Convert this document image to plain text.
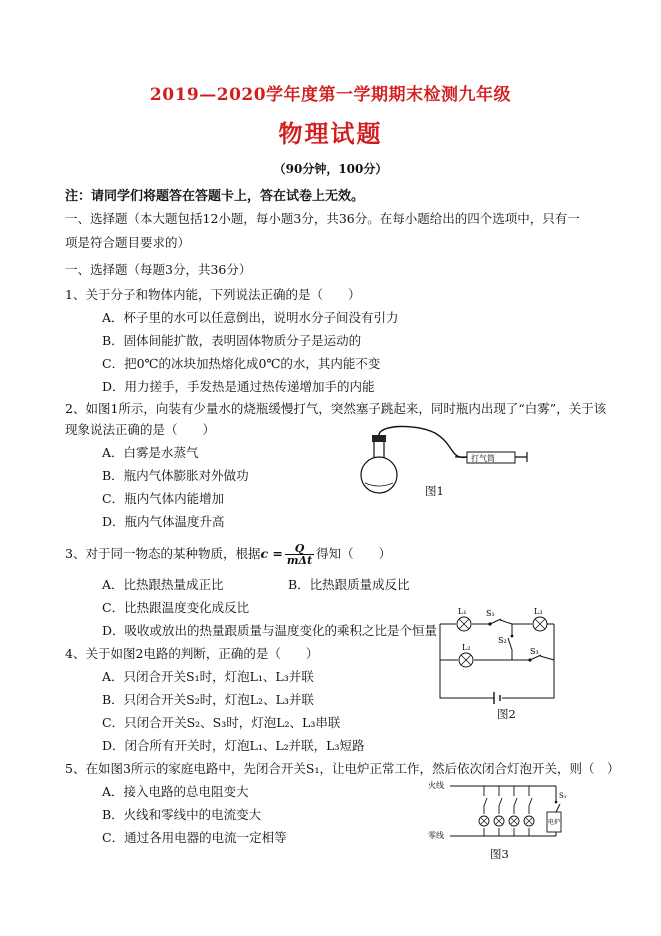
2019—2020学年度第一学期期末检测九年级
物理试题
（90分钟，100分）
注：请同学们将题答在答题卡上，答在试卷上无效。
一、选择题（本大题包括12小题，每小题3分，共36分。在每小题给出的四个选项中，只有一
项是符合题目要求的）
一、选择题（每题3分，共36分）
1、关于分子和物体内能，下列说法正确的是（　　）
A．杯子里的水可以任意倒出，说明水分子间没有引力
B．固体间能扩散，表明固体物质分子是运动的
C．把0℃的冰块加热熔化成0℃的水，其内能不变
D．用力搓手，手发热是通过热传递增加手的内能
2、如图1所示，向装有少量水的烧瓶缓慢打气，突然塞子跳起来，同时瓶内出现了“白雾”，关于该
现象说法正确的是（　　）
A．白雾是水蒸气
B．瓶内气体膨胀对外做功
C．瓶内气体内能增加
D．瓶内气体温度升高
打气筒
图1
3、对于同一物态的某种物质，根据$c = \frac{Q}{\text{mΔt}}$ 得知（　　）
A．比热跟热量成正比	B．比热跟质量成反比
C．比热跟温度变化成反比
D．吸收或放出的热量跟质量与温度变化的乘积之比是个恒量
L₁ S₁	L₃
S₂
L₂	S₃
图2
4、关于如图2电路的判断，正确的是（　　）
A．只闭合开关S₁时，灯泡L₁、L₃并联
B．只闭合开关S₂时，灯泡L₂、L₃并联
C．只闭合开关S₂、S₃时，灯泡L₂、L₃串联
D．闭合所有开关时，灯泡L₁、L₂并联，L₃短路
5、在如图3所示的家庭电路中，先闭合开关S₁，让电炉正常工作，然后依次闭合灯泡开关，则（　）
A．接入电路的总电阻变大
B．火线和零线中的电流变大
C．通过各用电器的电流一定相等
火线
零线
S₁
电炉
图3
